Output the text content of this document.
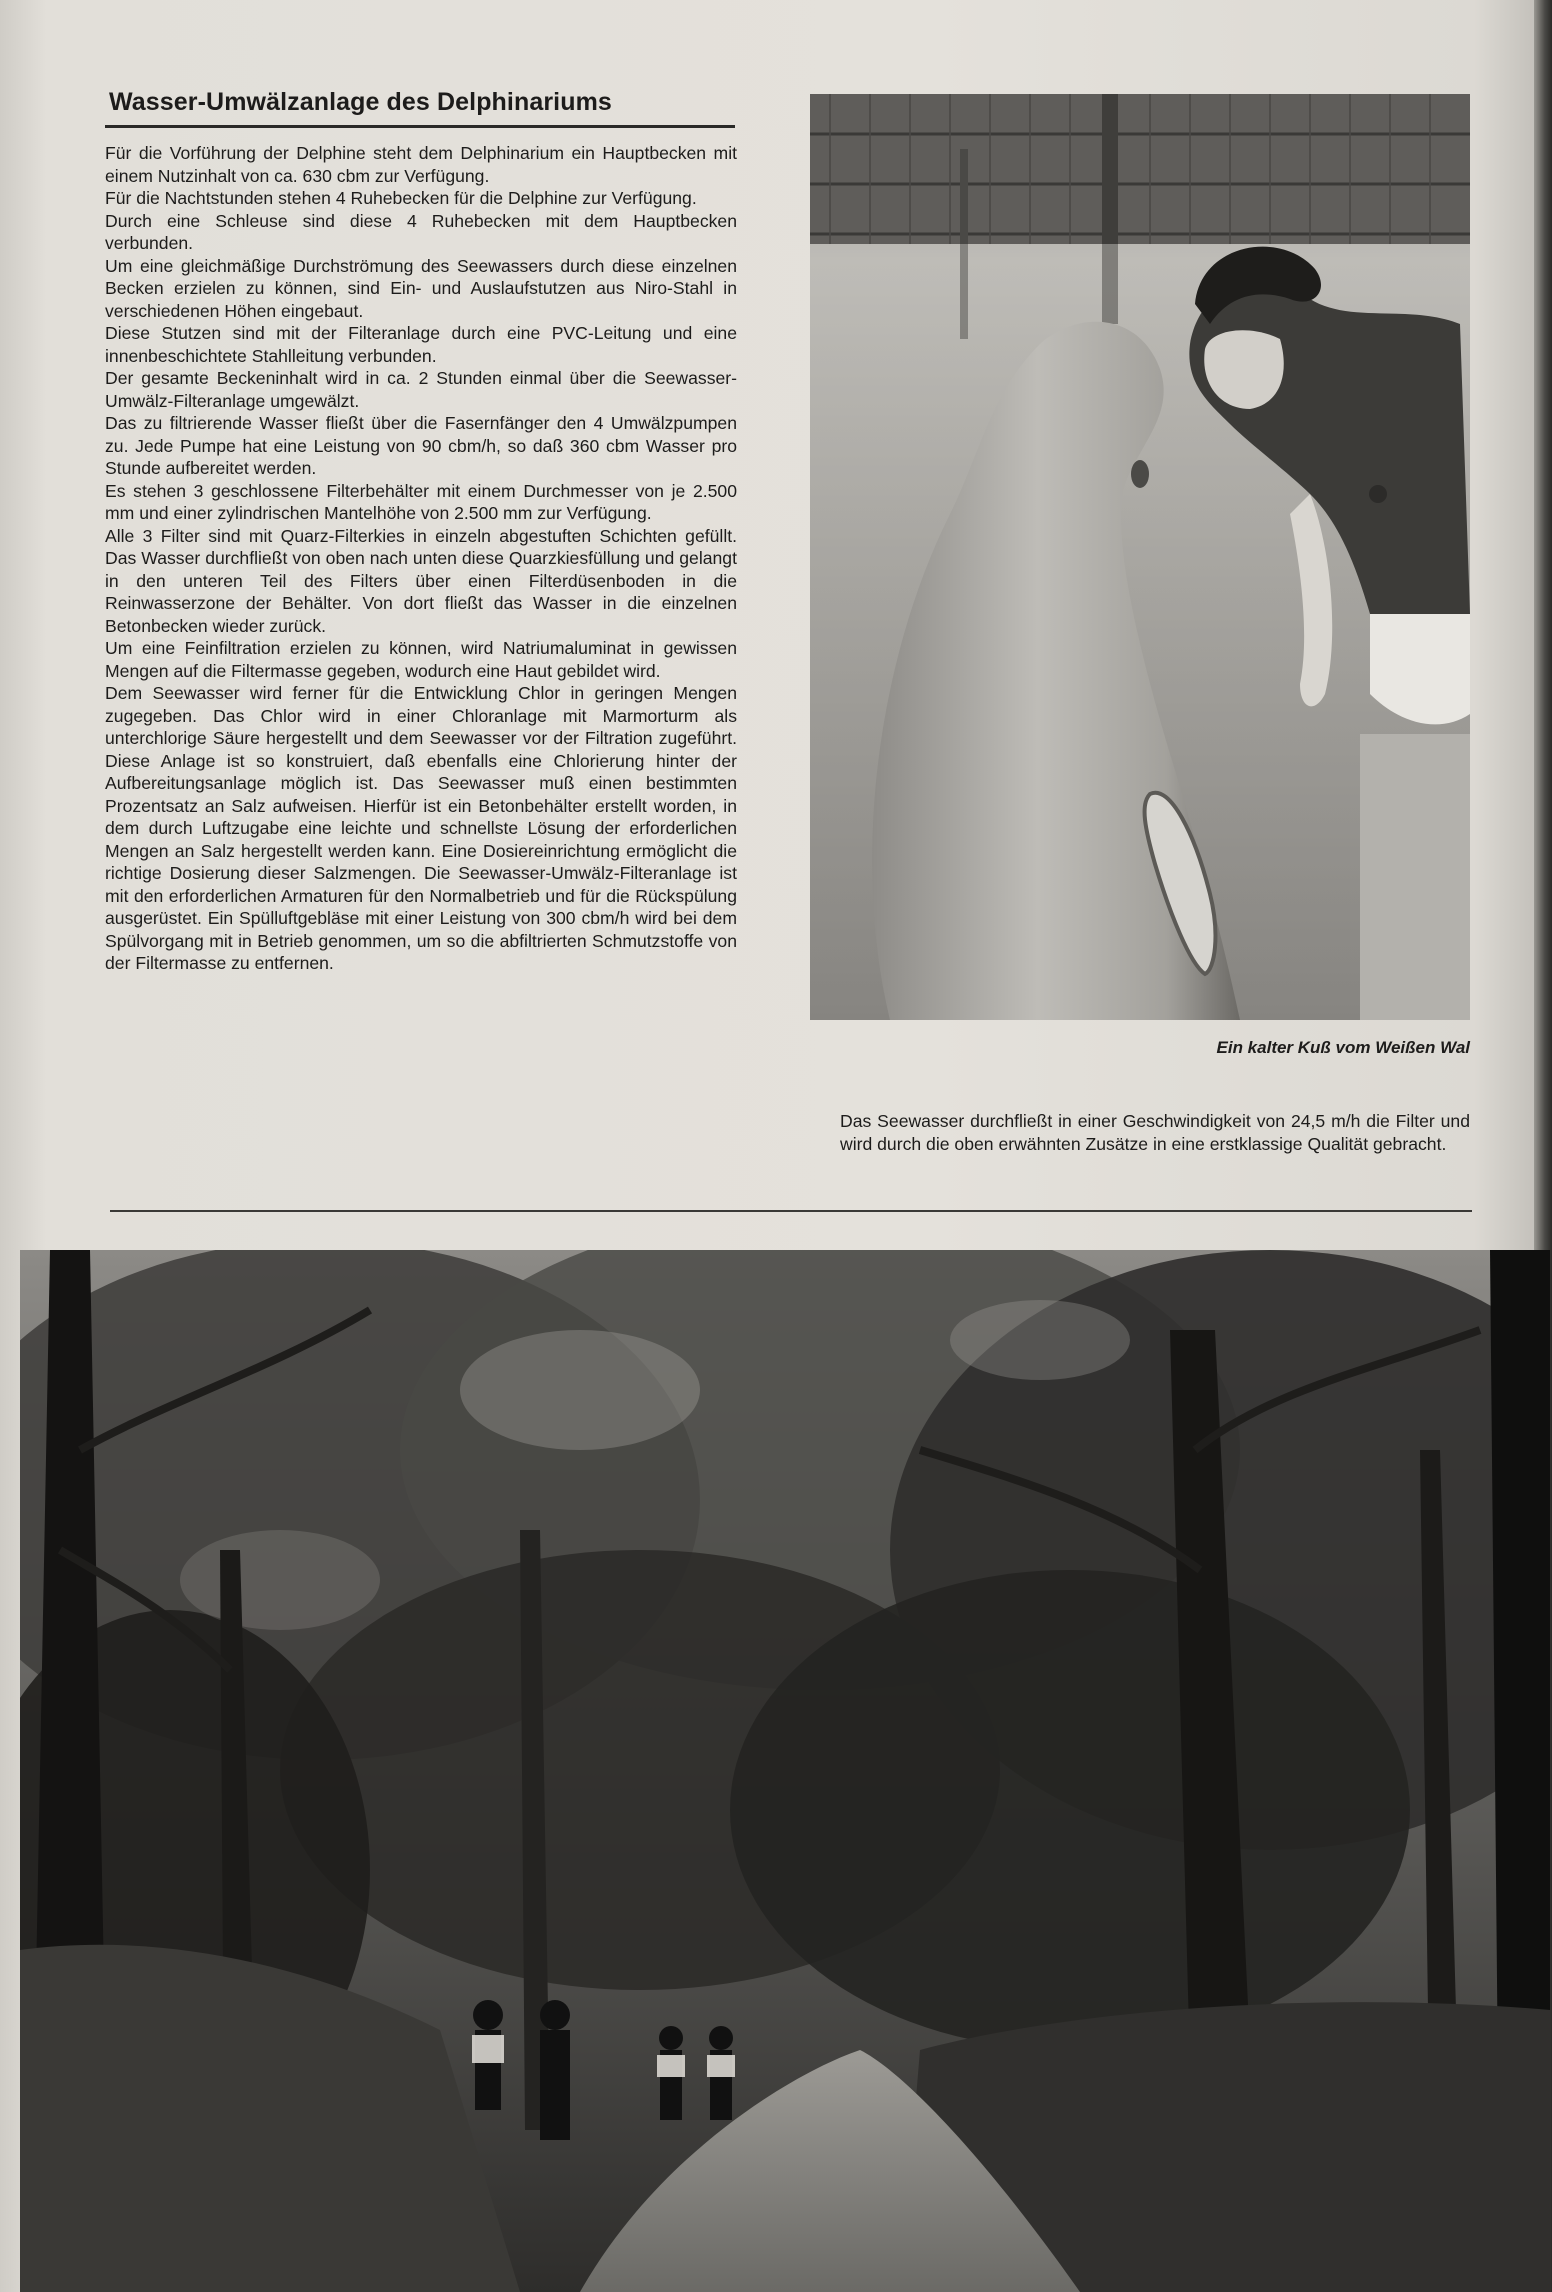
Wasser-Umwälzanlage des Delphinariums

Für die Vorführung der Delphine steht dem Delphinarium ein Hauptbecken mit einem Nutzinhalt von ca. 630 cbm zur Verfügung.

Für die Nachtstunden stehen 4 Ruhebecken für die Delphine zur Verfügung.

Durch eine Schleuse sind diese 4 Ruhebecken mit dem Hauptbecken verbunden.

Um eine gleichmäßige Durchströmung des Seewassers durch diese einzelnen Becken erzielen zu können, sind Ein- und Auslaufstutzen aus Niro-Stahl in verschiedenen Höhen eingebaut.

Diese Stutzen sind mit der Filteranlage durch eine PVC-Leitung und eine innenbeschichtete Stahlleitung verbunden.

Der gesamte Beckeninhalt wird in ca. 2 Stunden einmal über die Seewasser-Umwälz-Filteranlage umgewälzt.

Das zu filtrierende Wasser fließt über die Fasernfänger den 4 Umwälzpumpen zu. Jede Pumpe hat eine Leistung von 90 cbm/h, so daß 360 cbm Wasser pro Stunde aufbereitet werden.

Es stehen 3 geschlossene Filterbehälter mit einem Durchmesser von je 2.500 mm und einer zylindrischen Mantelhöhe von 2.500 mm zur Verfügung.

Alle 3 Filter sind mit Quarz-Filterkies in einzeln abgestuften Schichten gefüllt. Das Wasser durchfließt von oben nach unten diese Quarzkiesfüllung und gelangt in den unteren Teil des Filters über einen Filterdüsenboden in die Reinwasserzone der Behälter. Von dort fließt das Wasser in die einzelnen Betonbecken wieder zurück.

Um eine Feinfiltration erzielen zu können, wird Natriumaluminat in gewissen Mengen auf die Filtermasse gegeben, wodurch eine Haut gebildet wird.

Dem Seewasser wird ferner für die Entwicklung Chlor in geringen Mengen zugegeben. Das Chlor wird in einer Chloranlage mit Marmorturm als unterchlorige Säure hergestellt und dem Seewasser vor der Filtration zugeführt. Diese Anlage ist so konstruiert, daß ebenfalls eine Chlorierung hinter der Aufbereitungsanlage möglich ist. Das Seewasser muß einen bestimmten Prozentsatz an Salz aufweisen. Hierfür ist ein Betonbehälter erstellt worden, in dem durch Luftzugabe eine leichte und schnellste Lösung der erforderlichen Mengen an Salz hergestellt werden kann. Eine Dosiereinrichtung ermöglicht die richtige Dosierung dieser Salzmengen. Die Seewasser-Umwälz-Filteranlage ist mit den erforderlichen Armaturen für den Normalbetrieb und für die Rückspülung ausgerüstet. Ein Spülluftgebläse mit einer Leistung von 300 cbm/h wird bei dem Spülvorgang mit in Betrieb genommen, um so die abfiltrierten Schmutzstoffe von der Filtermasse zu entfernen.

Ein kalter Kuß vom Weißen Wal
Das Seewasser durchfließt in einer Geschwindigkeit von 24,5 m/h die Filter und wird durch die oben erwähnten Zusätze in eine erstklassige Qualität gebracht.
